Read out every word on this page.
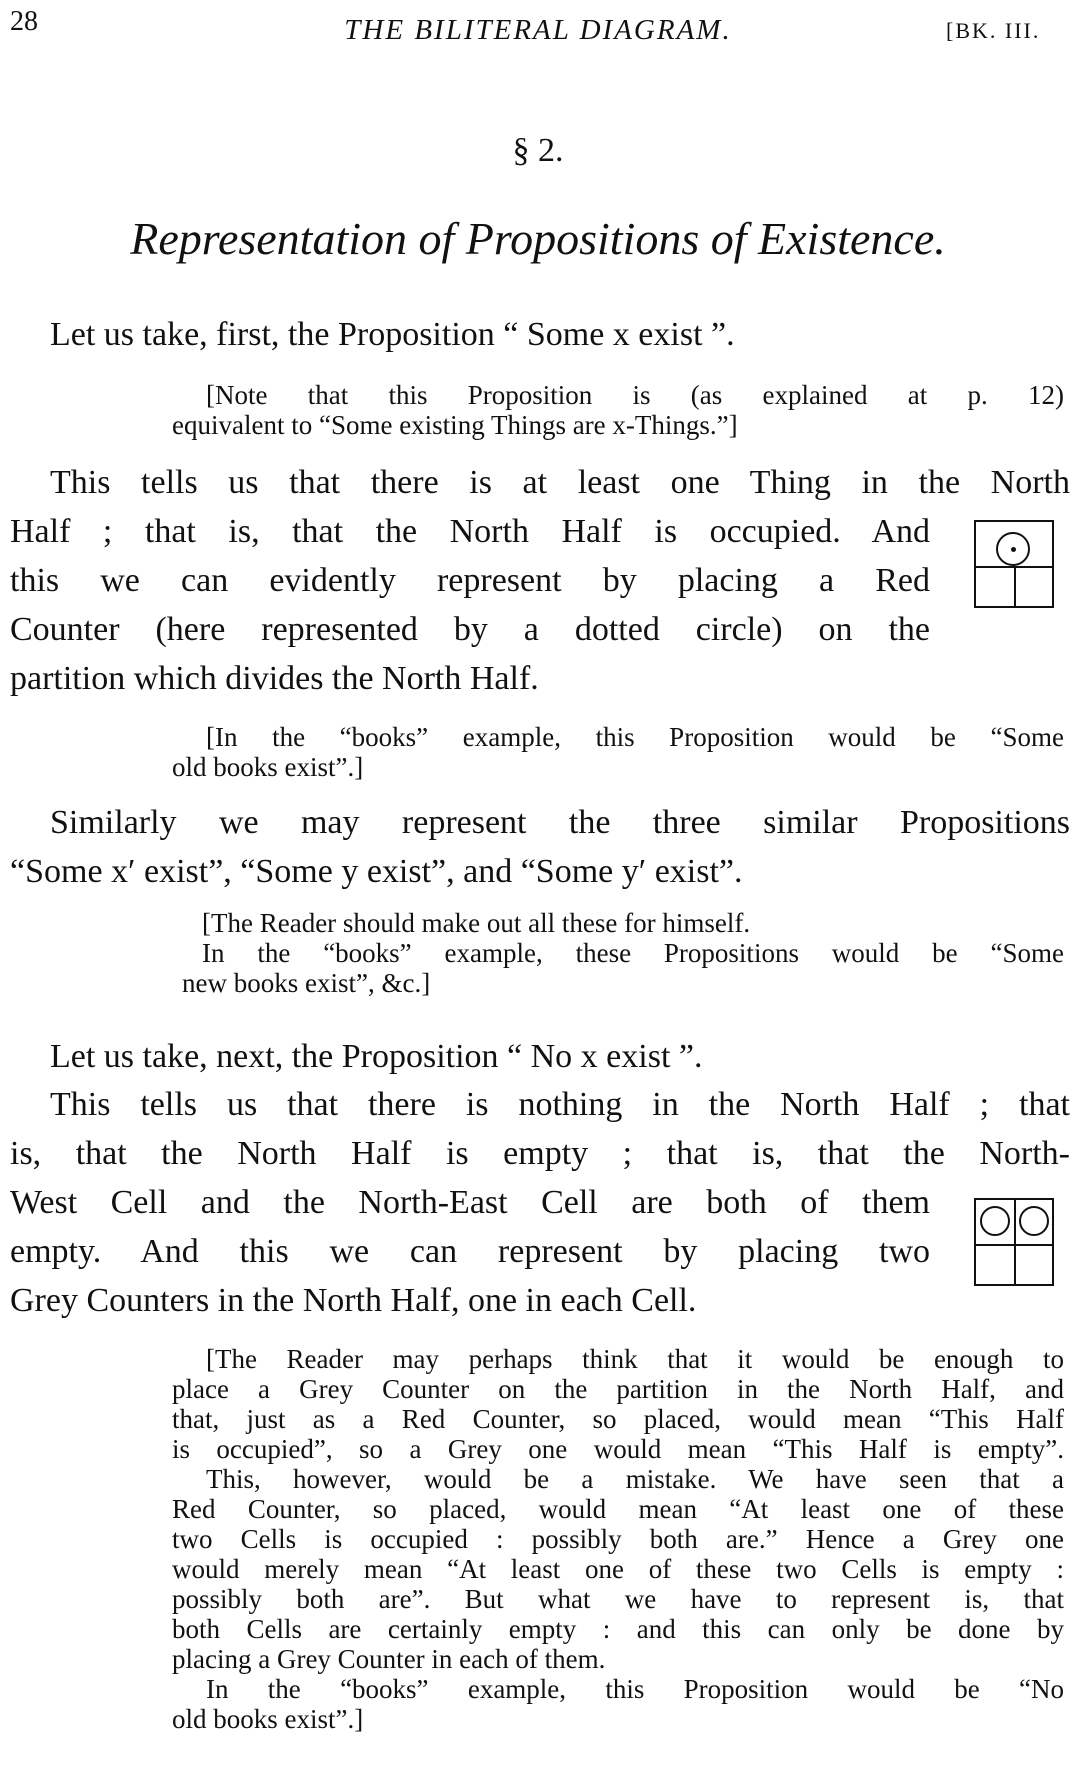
28	THE BILITERAL DIAGRAM.	[BK. III.
§ 2.
Representation of Propositions of Existence.
Let us take, first, the Proposition “ Some x exist ”.
[Note that this Proposition is (as explained at p. 12)
equivalent to “Some existing Things are x-Things.”]
This tells us that there is at least one Thing in the North
Half ; that is, that the North Half is occupied. And
this we can evidently represent by placing a Red
Counter (here represented by a dotted circle) on the
partition which divides the North Half.
[In the “books” example, this Proposition would be “Some
old books exist”.]
Similarly we may represent the three similar Propositions
“Some x′ exist”, “Some y exist”, and “Some y′ exist”.
[The Reader should make out all these for himself.
In the “books” example, these Propositions would be “Some
new books exist”, &c.]
Let us take, next, the Proposition “ No x exist ”.
This tells us that there is nothing in the North Half ; that
is, that the North Half is empty ; that is, that the North-
West Cell and the North-East Cell are both of them
empty. And this we can represent by placing two
Grey Counters in the North Half, one in each Cell.
[The Reader may perhaps think that it would be enough to
place a Grey Counter on the partition in the North Half, and
that, just as a Red Counter, so placed, would mean “This Half
is occupied”, so a Grey one would mean “This Half is empty”.
This, however, would be a mistake. We have seen that a
Red Counter, so placed, would mean “At least one of these
two Cells is occupied : possibly both are.” Hence a Grey one
would merely mean “At least one of these two Cells is empty :
possibly both are”. But what we have to represent is, that
both Cells are certainly empty : and this can only be done by
placing a Grey Counter in each of them.
In the “books” example, this Proposition would be “No
old books exist”.]
